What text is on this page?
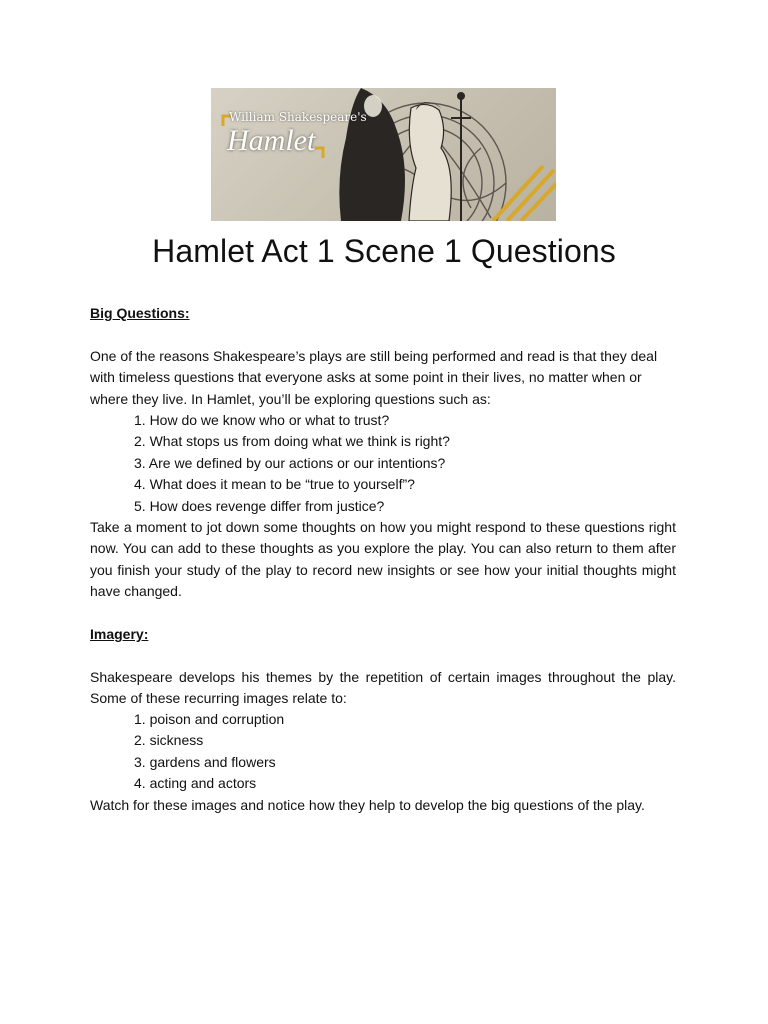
William Shakespeare's
Hamlet
Hamlet Act 1 Scene 1 Questions
Big Questions:

One of the reasons Shakespeare’s plays are still being performed and read is that they deal with timeless questions that everyone asks at some point in their lives, no matter when or where they live. In Hamlet, you’ll be exploring questions such as:

1. How do we know who or what to trust?
2. What stops us from doing what we think is right?
3. Are we defined by our actions or our intentions?
4. What does it mean to be “true to yourself”?
5. How does revenge differ from justice?

Take a moment to jot down some thoughts on how you might respond to these questions right now. You can add to these thoughts as you explore the play. You can also return to them after you finish your study of the play to record new insights or see how your initial thoughts might have changed.

Imagery:

Shakespeare develops his themes by the repetition of certain images throughout the play. Some of these recurring images relate to:

1. poison and corruption
2. sickness
3. gardens and flowers
4. acting and actors

Watch for these images and notice how they help to develop the big questions of the play.
